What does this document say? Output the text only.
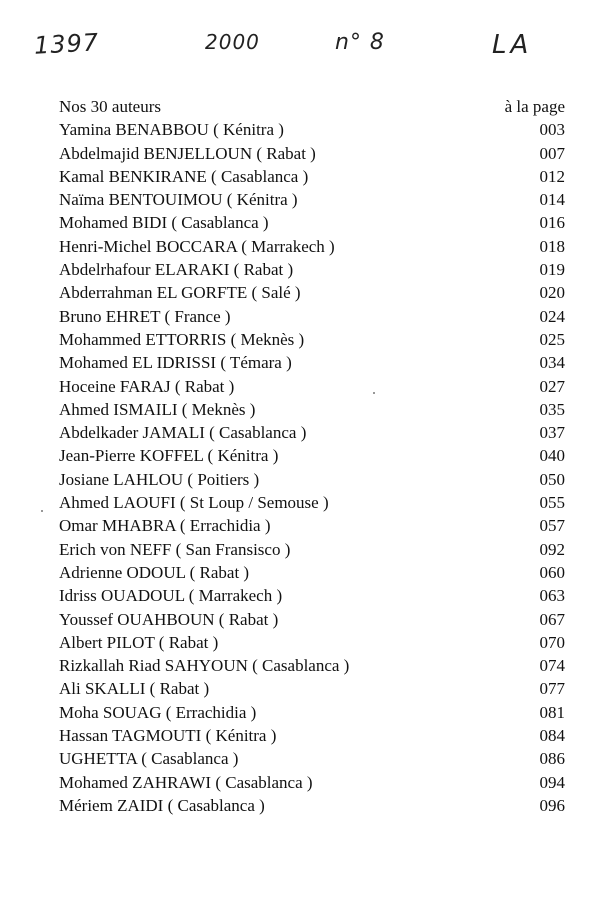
1397	2000	n° 8	LA
Nos 30 auteurs	à la page
Yamina BENABBOU ( Kénitra )	003
Abdelmajid BENJELLOUN ( Rabat )	007
Kamal BENKIRANE ( Casablanca )	012
Naïma BENTOUIMOU ( Kénitra )	014
Mohamed BIDI ( Casablanca )	016
Henri-Michel BOCCARA ( Marrakech )	018
Abdelrhafour ELARAKI ( Rabat )	019
Abderrahman EL GORFTE ( Salé )	020
Bruno EHRET ( France )	024
Mohammed ETTORRIS ( Meknès )	025
Mohamed EL IDRISSI ( Témara )	034
Hoceine FARAJ ( Rabat )	027
Ahmed ISMAILI ( Meknès )	035
Abdelkader JAMALI ( Casablanca )	037
Jean-Pierre KOFFEL ( Kénitra )	040
Josiane LAHLOU ( Poitiers )	050
Ahmed LAOUFI ( St Loup / Semouse )	055
Omar MHABRA ( Errachidia )	057
Erich von NEFF ( San Fransisco )	092
Adrienne ODOUL ( Rabat )	060
Idriss OUADOUL ( Marrakech )	063
Youssef OUAHBOUN ( Rabat )	067
Albert PILOT ( Rabat )	070
Rizkallah Riad SAHYOUN ( Casablanca )	074
Ali SKALLI ( Rabat )	077
Moha SOUAG ( Errachidia )	081
Hassan TAGMOUTI ( Kénitra )	084
UGHETTA ( Casablanca )	086
Mohamed ZAHRAWI ( Casablanca )	094
Mériem ZAIDI ( Casablanca )	096
